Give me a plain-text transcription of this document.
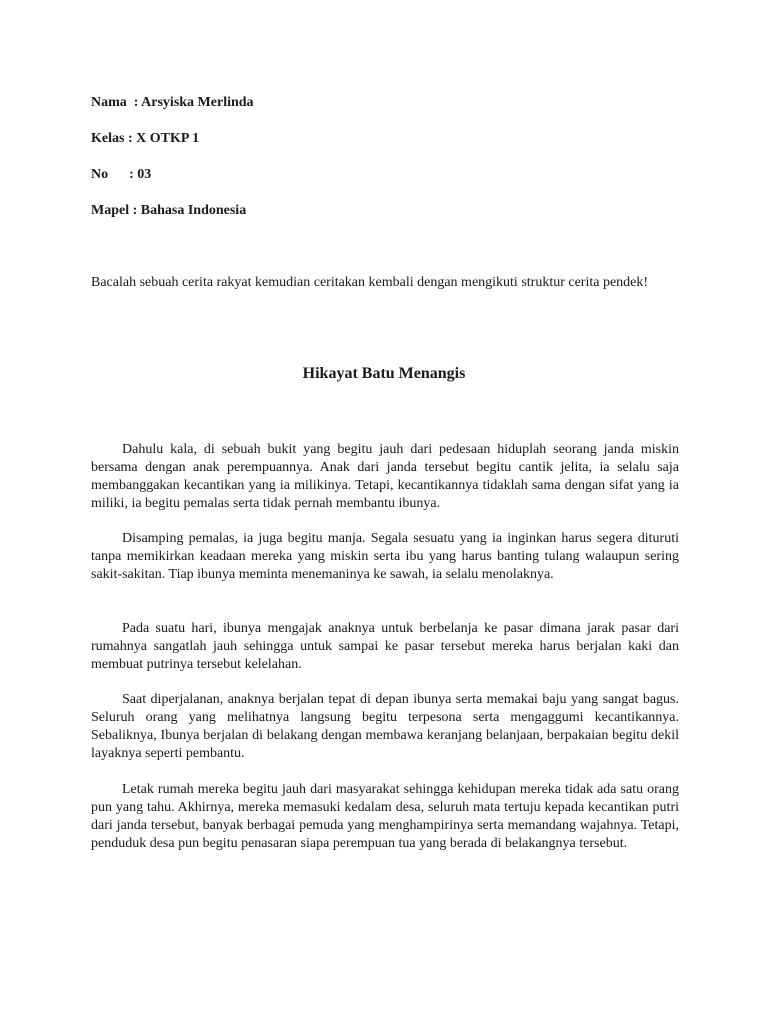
Nama  : Arsyiska Merlinda
Kelas : X OTKP 1
No      : 03
Mapel : Bahasa Indonesia
Bacalah sebuah cerita rakyat kemudian ceritakan kembali dengan mengikuti struktur cerita pendek!
Hikayat Batu Menangis

Dahulu kala, di sebuah bukit yang begitu jauh dari pedesaan hiduplah seorang janda miskin bersama dengan anak perempuannya. Anak dari janda tersebut begitu cantik jelita, ia selalu saja membanggakan kecantikan yang ia milikinya. Tetapi, kecantikannya tidaklah sama dengan sifat yang ia miliki, ia begitu pemalas serta tidak pernah membantu ibunya.

Disamping pemalas, ia juga begitu manja. Segala sesuatu yang ia inginkan harus segera dituruti tanpa memikirkan keadaan mereka yang miskin serta ibu yang harus banting tulang walaupun sering sakit-sakitan. Tiap ibunya meminta menemaninya ke sawah, ia selalu menolaknya.

Pada suatu hari, ibunya mengajak anaknya untuk berbelanja ke pasar dimana jarak pasar dari rumahnya sangatlah jauh sehingga untuk sampai ke pasar tersebut mereka harus berjalan kaki dan membuat putrinya tersebut kelelahan.

Saat diperjalanan, anaknya berjalan tepat di depan ibunya serta memakai baju yang sangat bagus. Seluruh orang yang melihatnya langsung begitu terpesona serta mengaggumi kecantikannya. Sebaliknya, Ibunya berjalan di belakang dengan membawa keranjang belanjaan, berpakaian begitu dekil layaknya seperti pembantu.

Letak rumah mereka begitu jauh dari masyarakat sehingga kehidupan mereka tidak ada satu orang pun yang tahu. Akhirnya, mereka memasuki kedalam desa, seluruh mata tertuju kepada kecantikan putri dari janda tersebut, banyak berbagai pemuda yang menghampirinya serta memandang wajahnya. Tetapi, penduduk desa pun begitu penasaran siapa perempuan tua yang berada di belakangnya tersebut.
